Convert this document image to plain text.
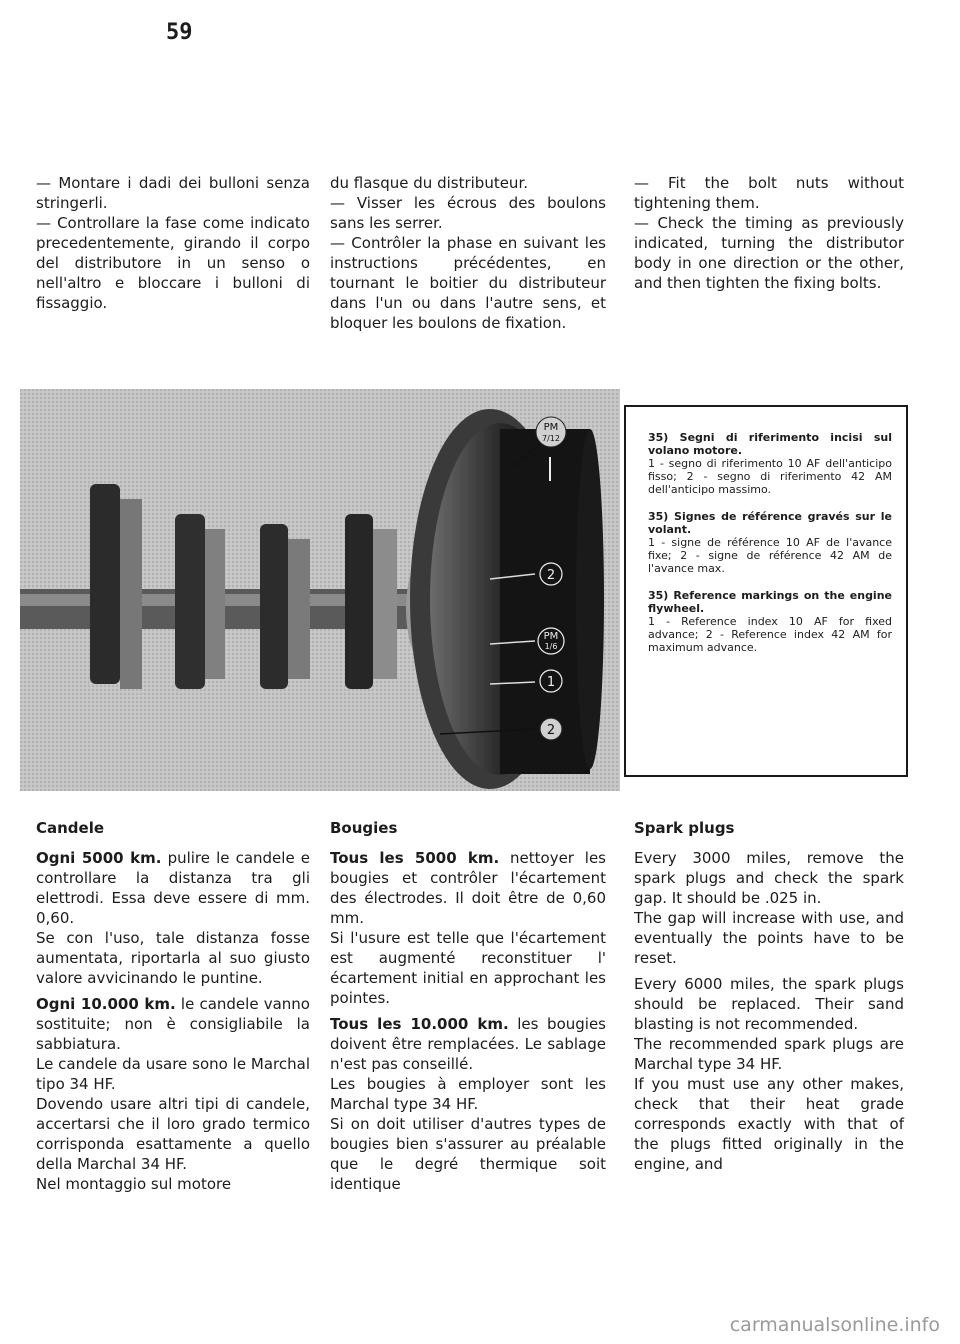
59

— Montare i dadi dei bulloni senza stringerli.

— Controllare la fase come indicato precedentemente, girando il corpo del distributore in un senso o nell'altro e bloccare i bulloni di fissaggio.

du flasque du distributeur.

— Visser les écrous des boulons sans les serrer.

— Contrôler la phase en suivant les instructions précédentes, en tournant le boitier du distributeur dans l'un ou dans l'autre sens, et bloquer les boulons de fixation.

— Fit the bolt nuts without tightening them.

— Check the timing as previously indicated, turning the distributor body in one direction or the other, and then tighten the fixing bolts.

PM
7/12
2
PM
1/6
1
2

35) Segni di riferimento incisi sul volano motore.

1 - segno di riferimento 10 AF dell'anticipo fisso; 2 - segno di riferimento 42 AM dell'anticipo massimo.

35) Signes de référence gravés sur le volant.

1 - signe de référence 10 AF de l'avance fixe; 2 - signe de référence 42 AM de l'avance max.

35) Reference markings on the engine flywheel.

1 - Reference index 10 AF for fixed advance; 2 - Reference index 42 AM for maximum advance.

Candele

Ogni 5000 km. pulire le candele e controllare la distanza tra gli elettrodi. Essa deve essere di mm. 0,60.

Se con l'uso, tale distanza fosse aumentata, riportarla al suo giusto valore avvicinando le puntine.

Ogni 10.000 km. le candele vanno sostituite; non è consigliabile la sabbiatura.

Le candele da usare sono le Marchal tipo 34 HF.

Dovendo usare altri tipi di candele, accertarsi che il loro grado termico corrisponda esattamente a quello della Marchal 34 HF.

Nel montaggio sul motore

Bougies

Tous les 5000 km. nettoyer les bougies et contrôler l'écartement des électrodes. Il doit être de 0,60 mm.

Si l'usure est telle que l'écartement est augmenté reconstituer l' écartement initial en approchant les pointes.

Tous les 10.000 km. les bougies doivent être remplacées. Le sablage n'est pas conseillé.

Les bougies à employer sont les Marchal type 34 HF.

Si on doit utiliser d'autres types de bougies bien s'assurer au préalable que le degré thermique soit identique

Spark plugs

Every 3000 miles, remove the spark plugs and check the spark gap. It should be .025 in.

The gap will increase with use, and eventually the points have to be reset.

Every 6000 miles, the spark plugs should be replaced. Their sand blasting is not recommended.

The recommended spark plugs are Marchal type 34 HF.

If you must use any other makes, check that their heat grade corresponds exactly with that of the plugs fitted originally in the engine, and

carmanualsonline.info
